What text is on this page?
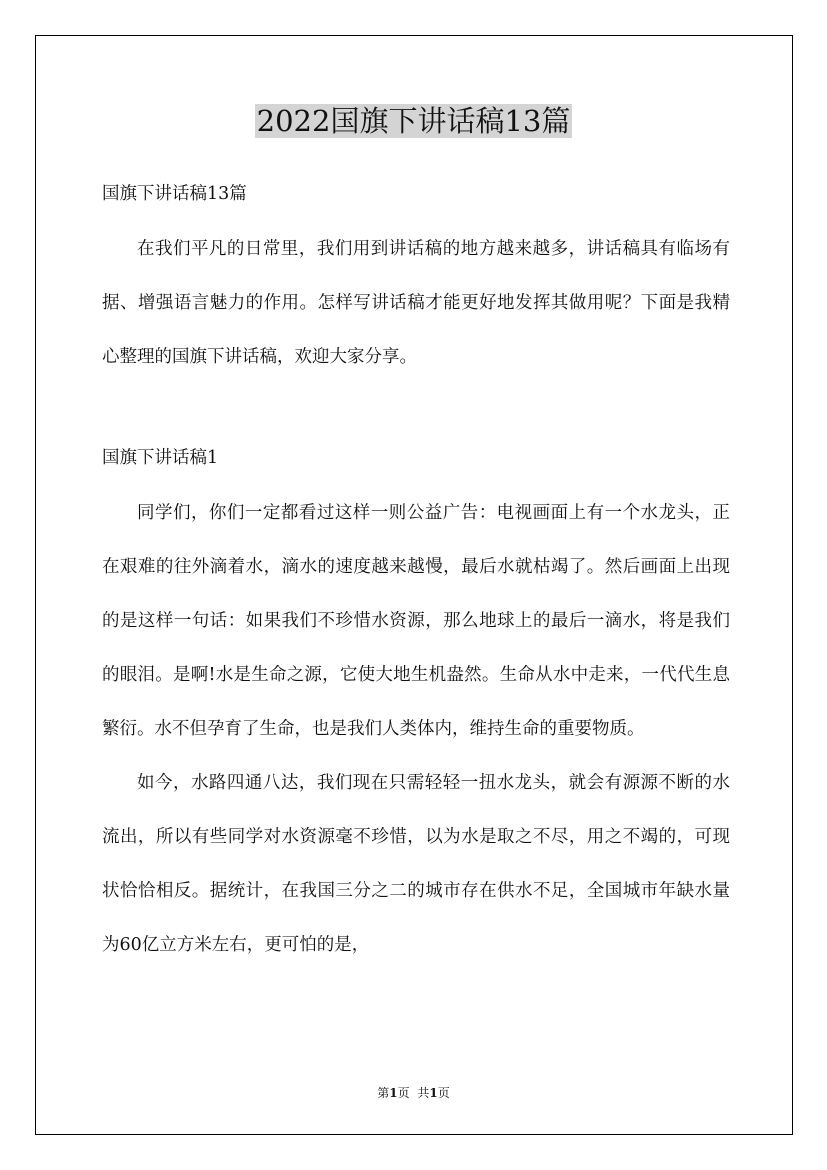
2022国旗下讲话稿13篇

国旗下讲话稿13篇

在我们平凡的日常里，我们用到讲话稿的地方越来越多，讲话稿具有临场有据、增强语言魅力的作用。怎样写讲话稿才能更好地发挥其做用呢？下面是我精心整理的国旗下讲话稿，欢迎大家分享。

国旗下讲话稿1

同学们，你们一定都看过这样一则公益广告：电视画面上有一个水龙头，正在艰难的往外滴着水，滴水的速度越来越慢，最后水就枯竭了。然后画面上出现的是这样一句话：如果我们不珍惜水资源，那么地球上的最后一滴水，将是我们的眼泪。是啊!水是生命之源，它使大地生机盎然。生命从水中走来，一代代生息繁衍。水不但孕育了生命，也是我们人类体内，维持生命的重要物质。

如今，水路四通八达，我们现在只需轻轻一扭水龙头，就会有源源不断的水流出，所以有些同学对水资源毫不珍惜，以为水是取之不尽，用之不竭的，可现状恰恰相反。据统计，在我国三分之二的城市存在供水不足，全国城市年缺水量为60亿立方米左右，更可怕的是，

第1页 共1页
